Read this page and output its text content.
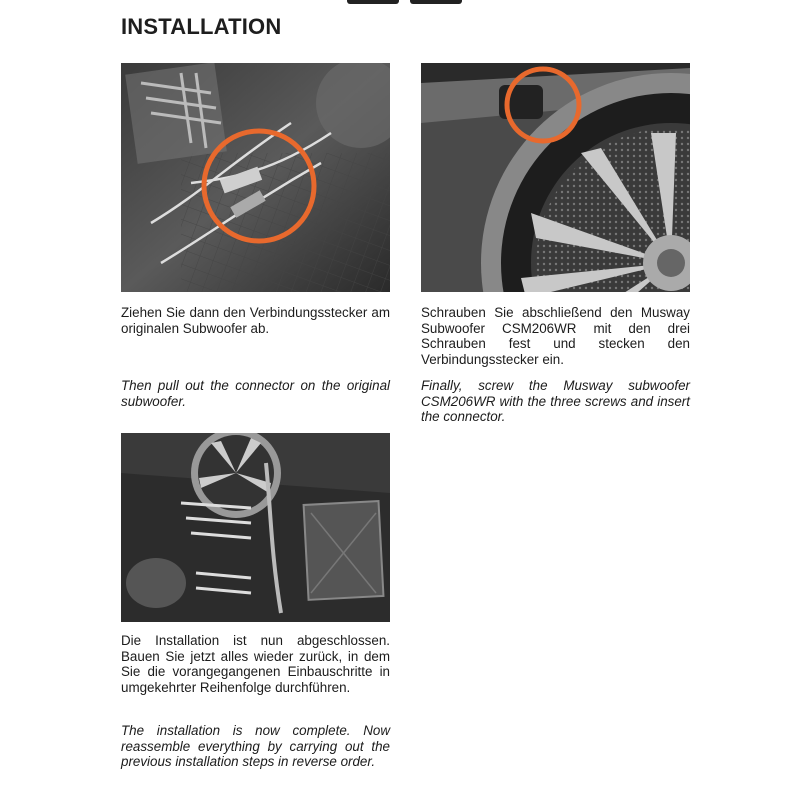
INSTALLATION

Ziehen Sie dann den Verbindungsstecker am originalen Subwoofer ab.

Then pull out the connector on the original subwoofer.

Schrauben Sie abschließend den Musway Subwoofer CSM206WR mit den drei Schrauben fest und stecken den Verbindungsstecker ein.

Finally, screw the Musway subwoofer CSM206WR with the three screws and insert the connector.

Die Installation ist nun abgeschlossen. Bauen Sie jetzt alles wieder zurück, in dem Sie die vorangegangenen Einbauschritte in umgekehrter Reihenfolge durchführen.

The installation is now complete. Now reassemble everything by carrying out the previous installation steps in reverse order.
